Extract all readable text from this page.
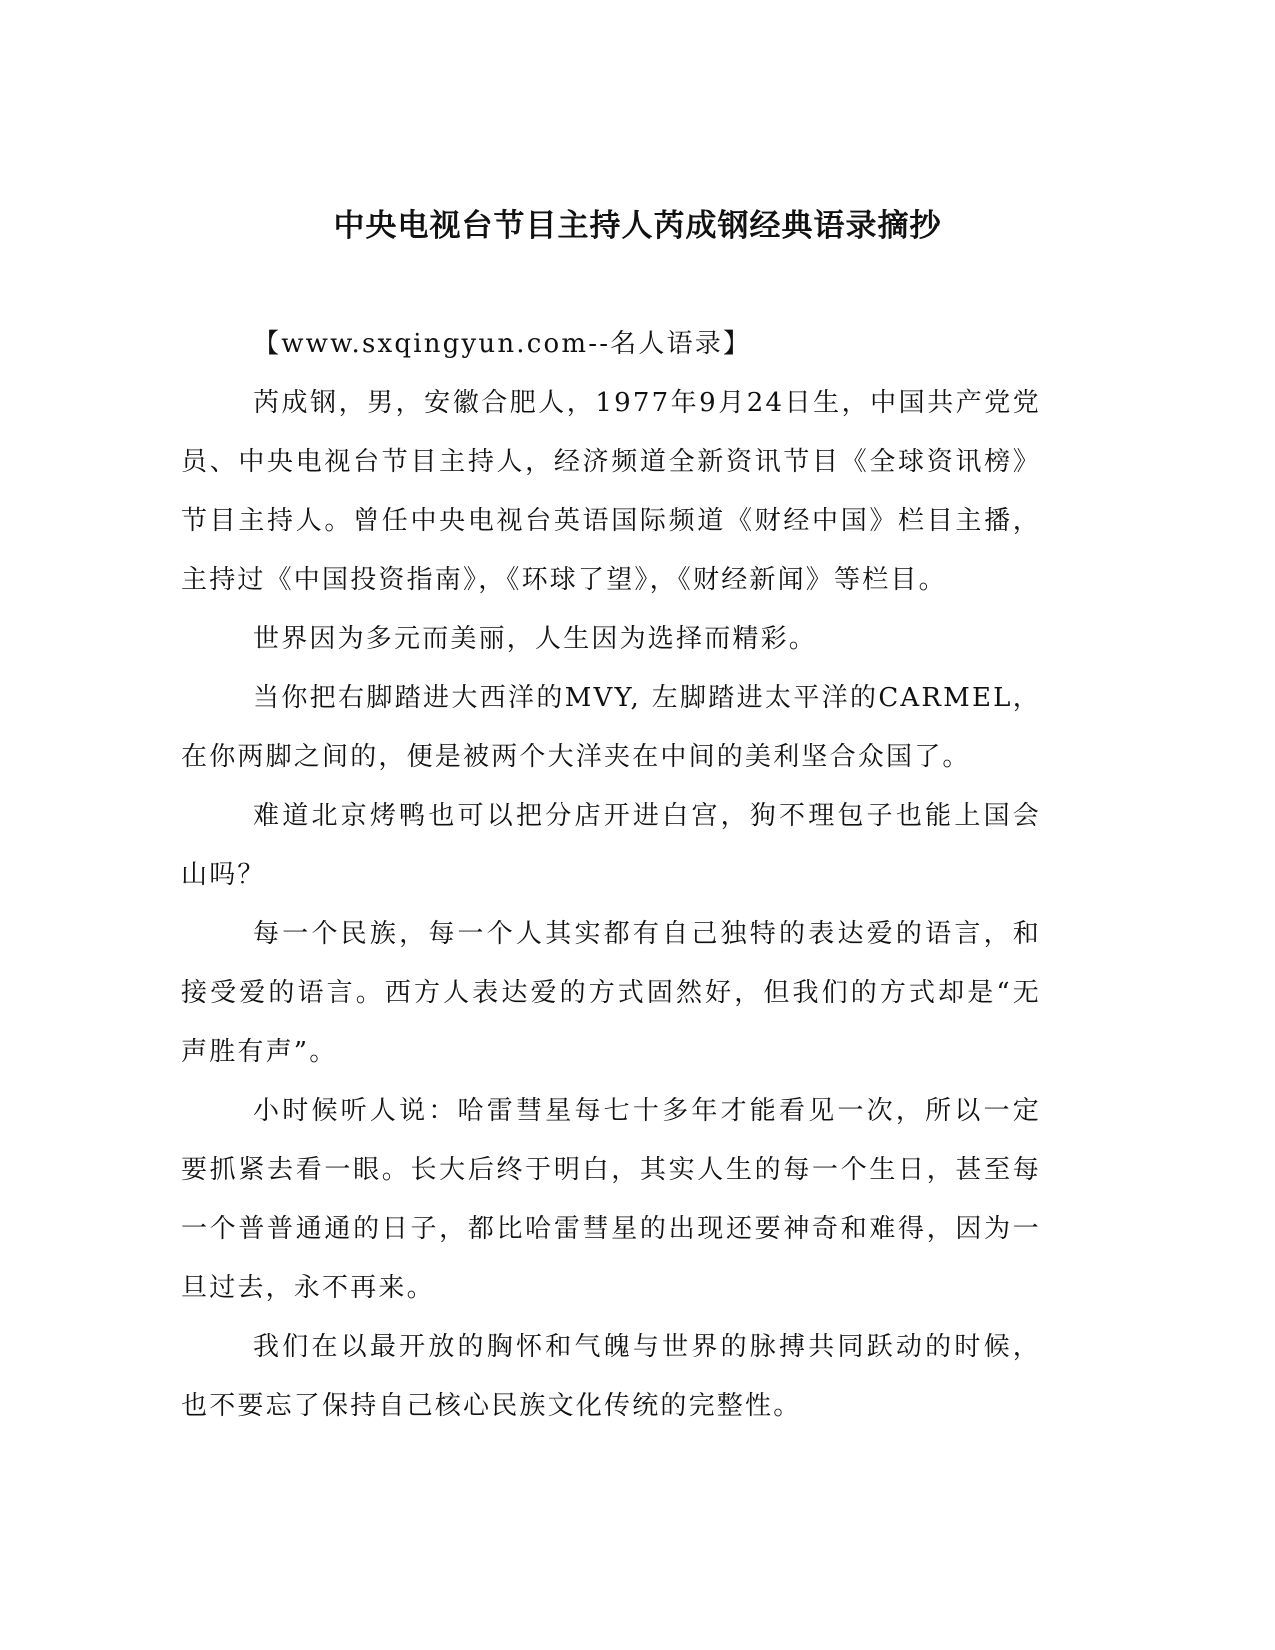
中央电视台节目主持人芮成钢经典语录摘抄

【www.sxqingyun.com--名人语录】

芮成钢，男，安徽合肥人，1977年9月24日生，中国共产党党员、中央电视台节目主持人，经济频道全新资讯节目《全球资讯榜》节目主持人。曾任中央电视台英语国际频道《财经中国》栏目主播，主持过《中国投资指南》，《环球了望》，《财经新闻》等栏目。

世界因为多元而美丽，人生因为选择而精彩。

当你把右脚踏进大西洋的MVY, 左脚踏进太平洋的CARMEL，在你两脚之间的，便是被两个大洋夹在中间的美利坚合众国了。

难道北京烤鸭也可以把分店开进白宫，狗不理包子也能上国会山吗？

每一个民族，每一个人其实都有自己独特的表达爱的语言，和接受爱的语言。西方人表达爱的方式固然好，但我们的方式却是“无声胜有声”。

小时候听人说：哈雷彗星每七十多年才能看见一次，所以一定要抓紧去看一眼。长大后终于明白，其实人生的每一个生日，甚至每一个普普通通的日子，都比哈雷彗星的出现还要神奇和难得，因为一旦过去，永不再来。

我们在以最开放的胸怀和气魄与世界的脉搏共同跃动的时候，也不要忘了保持自己核心民族文化传统的完整性。
